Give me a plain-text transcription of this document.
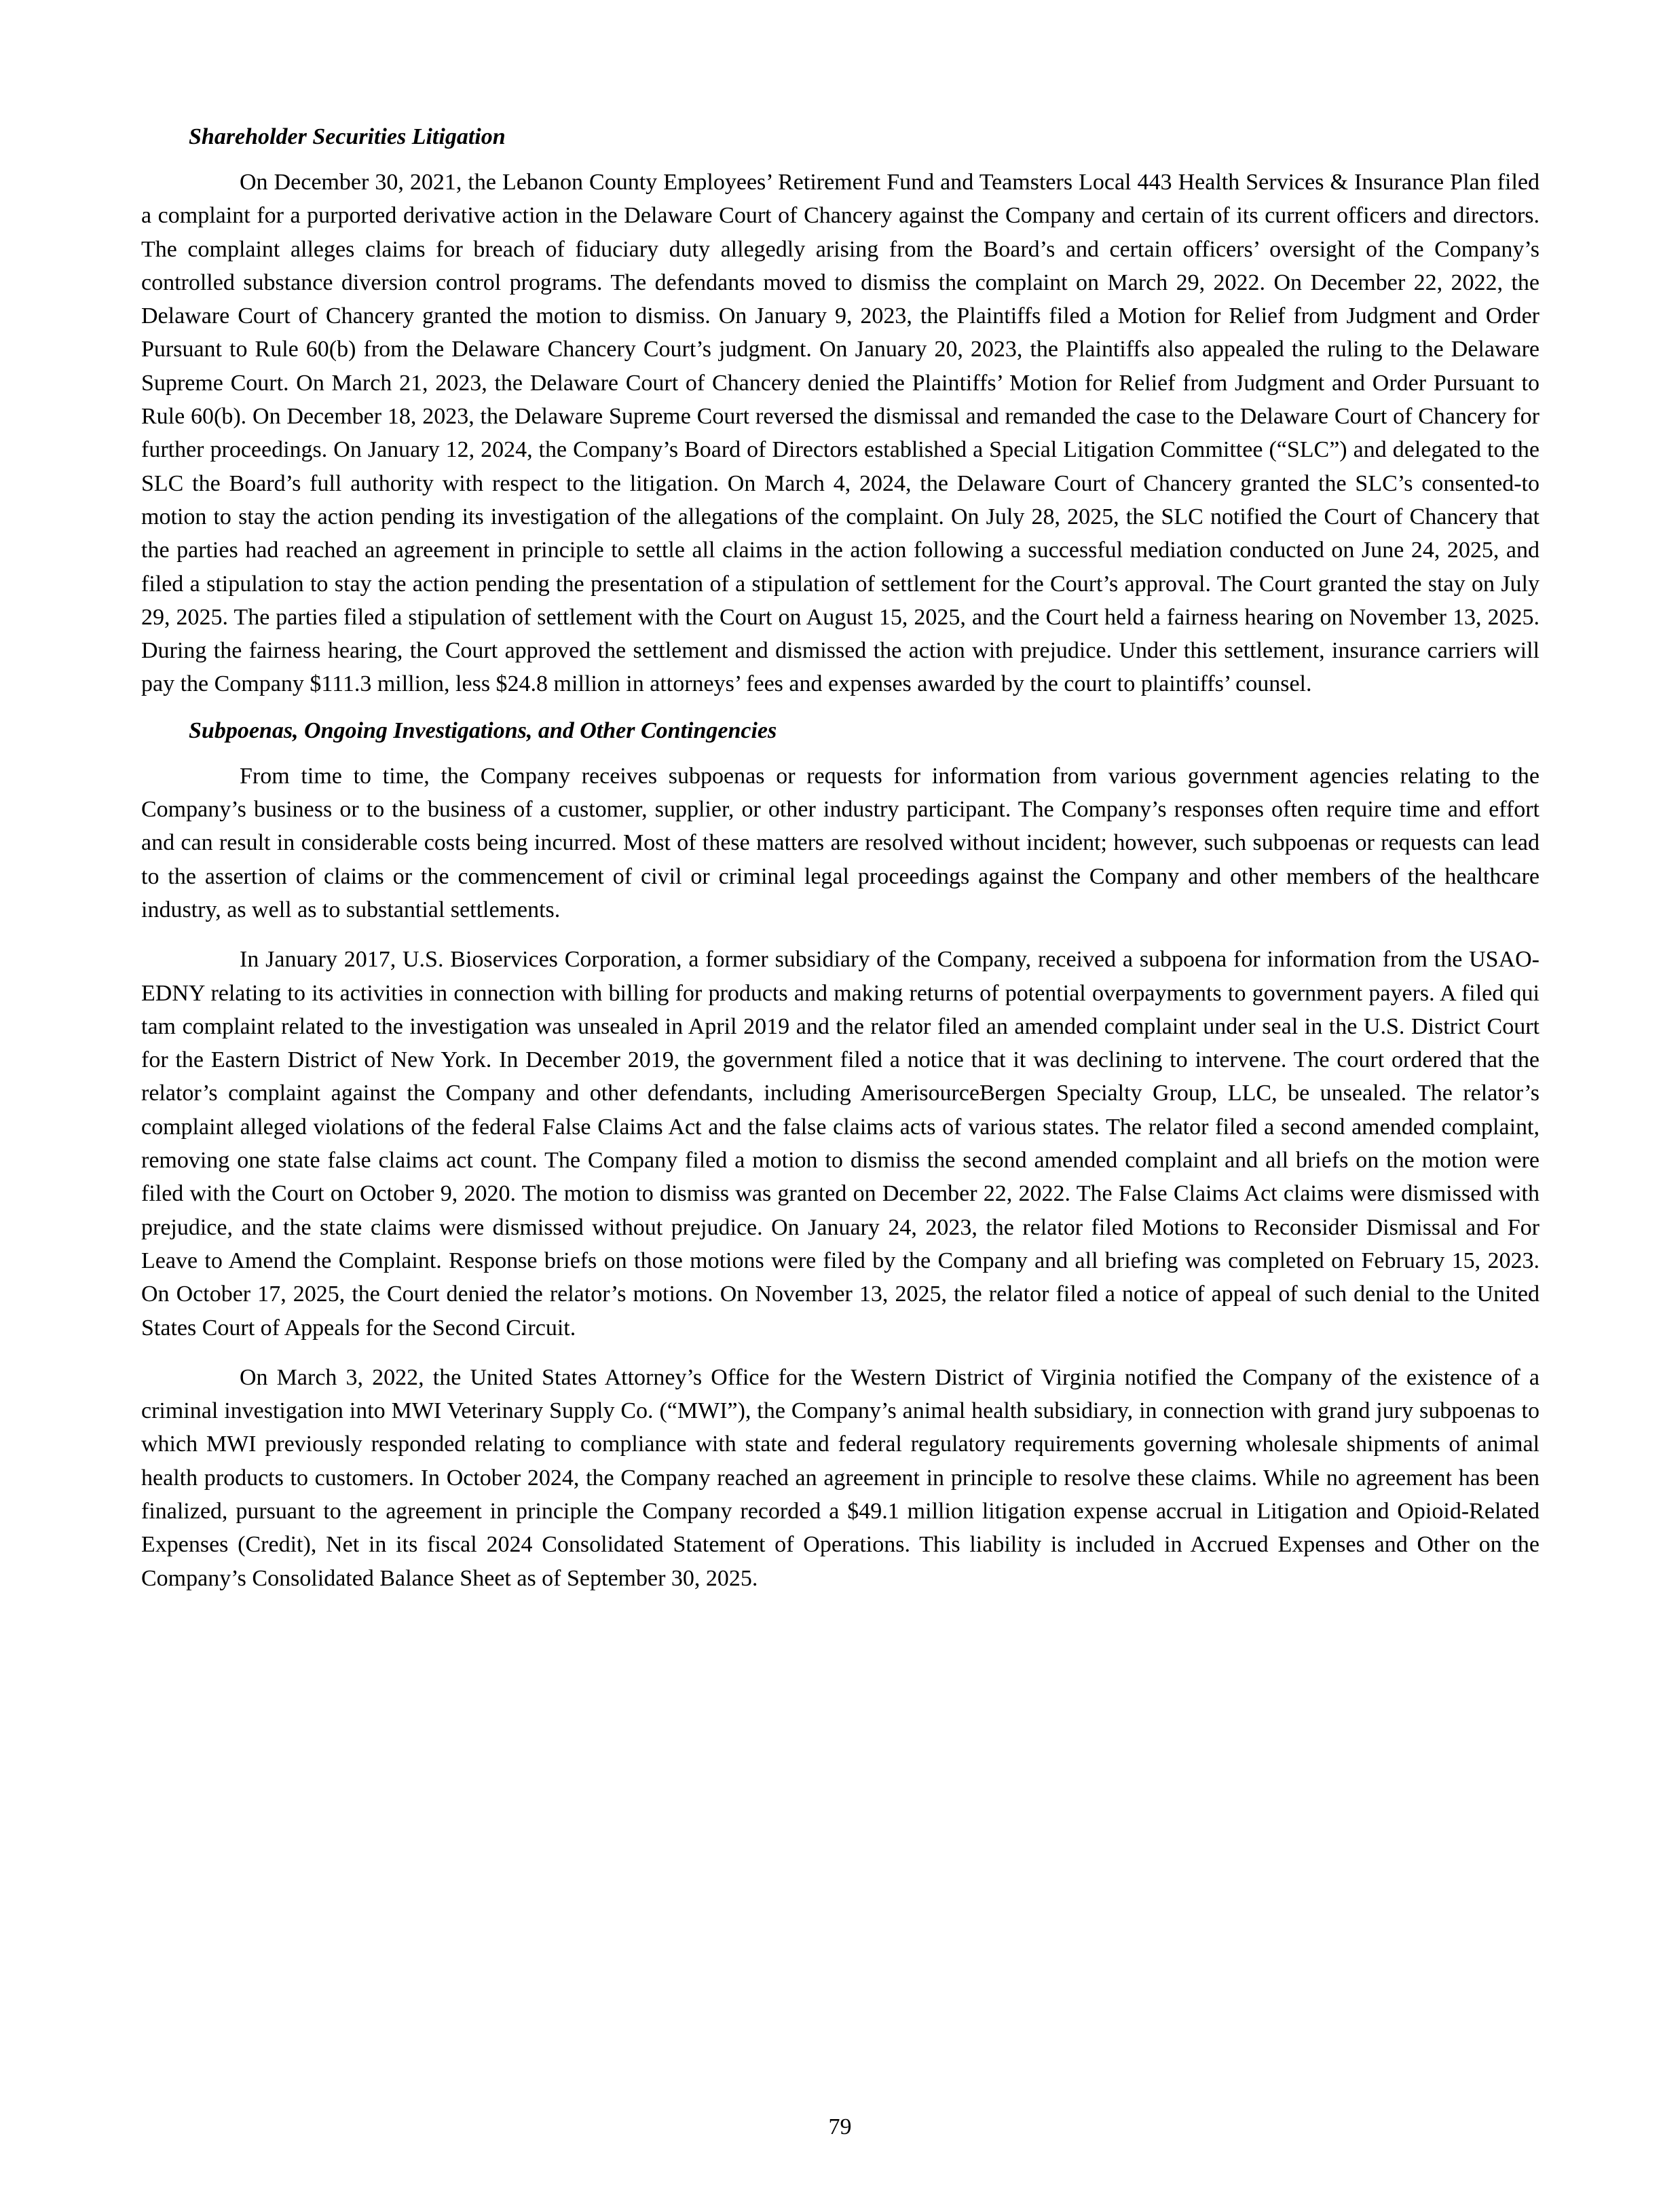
Shareholder Securities Litigation

On December 30, 2021, the Lebanon County Employees’ Retirement Fund and Teamsters Local 443 Health Services & Insurance Plan filed a complaint for a purported derivative action in the Delaware Court of Chancery against the Company and certain of its current officers and directors. The complaint alleges claims for breach of fiduciary duty allegedly arising from the Board’s and certain officers’ oversight of the Company’s controlled substance diversion control programs. The defendants moved to dismiss the complaint on March 29, 2022. On December 22, 2022, the Delaware Court of Chancery granted the motion to dismiss. On January 9, 2023, the Plaintiffs filed a Motion for Relief from Judgment and Order Pursuant to Rule 60(b) from the Delaware Chancery Court’s judgment. On January 20, 2023, the Plaintiffs also appealed the ruling to the Delaware Supreme Court. On March 21, 2023, the Delaware Court of Chancery denied the Plaintiffs’ Motion for Relief from Judgment and Order Pursuant to Rule 60(b). On December 18, 2023, the Delaware Supreme Court reversed the dismissal and remanded the case to the Delaware Court of Chancery for further proceedings. On January 12, 2024, the Company’s Board of Directors established a Special Litigation Committee (“SLC”) and delegated to the SLC the Board’s full authority with respect to the litigation. On March 4, 2024, the Delaware Court of Chancery granted the SLC’s consented-to motion to stay the action pending its investigation of the allegations of the complaint. On July 28, 2025, the SLC notified the Court of Chancery that the parties had reached an agreement in principle to settle all claims in the action following a successful mediation conducted on June 24, 2025, and filed a stipulation to stay the action pending the presentation of a stipulation of settlement for the Court’s approval. The Court granted the stay on July 29, 2025. The parties filed a stipulation of settlement with the Court on August 15, 2025, and the Court held a fairness hearing on November 13, 2025. During the fairness hearing, the Court approved the settlement and dismissed the action with prejudice. Under this settlement, insurance carriers will pay the Company $111.3 million, less $24.8 million in attorneys’ fees and expenses awarded by the court to plaintiffs’ counsel.

Subpoenas, Ongoing Investigations, and Other Contingencies

From time to time, the Company receives subpoenas or requests for information from various government agencies relating to the Company’s business or to the business of a customer, supplier, or other industry participant. The Company’s responses often require time and effort and can result in considerable costs being incurred. Most of these matters are resolved without incident; however, such subpoenas or requests can lead to the assertion of claims or the commencement of civil or criminal legal proceedings against the Company and other members of the healthcare industry, as well as to substantial settlements.

In January 2017, U.S. Bioservices Corporation, a former subsidiary of the Company, received a subpoena for information from the USAO-EDNY relating to its activities in connection with billing for products and making returns of potential overpayments to government payers. A filed qui tam complaint related to the investigation was unsealed in April 2019 and the relator filed an amended complaint under seal in the U.S. District Court for the Eastern District of New York. In December 2019, the government filed a notice that it was declining to intervene. The court ordered that the relator’s complaint against the Company and other defendants, including AmerisourceBergen Specialty Group, LLC, be unsealed. The relator’s complaint alleged violations of the federal False Claims Act and the false claims acts of various states. The relator filed a second amended complaint, removing one state false claims act count. The Company filed a motion to dismiss the second amended complaint and all briefs on the motion were filed with the Court on October 9, 2020. The motion to dismiss was granted on December 22, 2022. The False Claims Act claims were dismissed with prejudice, and the state claims were dismissed without prejudice. On January 24, 2023, the relator filed Motions to Reconsider Dismissal and For Leave to Amend the Complaint. Response briefs on those motions were filed by the Company and all briefing was completed on February 15, 2023. On October 17, 2025, the Court denied the relator’s motions. On November 13, 2025, the relator filed a notice of appeal of such denial to the United States Court of Appeals for the Second Circuit.

On March 3, 2022, the United States Attorney’s Office for the Western District of Virginia notified the Company of the existence of a criminal investigation into MWI Veterinary Supply Co. (“MWI”), the Company’s animal health subsidiary, in connection with grand jury subpoenas to which MWI previously responded relating to compliance with state and federal regulatory requirements governing wholesale shipments of animal health products to customers. In October 2024, the Company reached an agreement in principle to resolve these claims. While no agreement has been finalized, pursuant to the agreement in principle the Company recorded a $49.1 million litigation expense accrual in Litigation and Opioid-Related Expenses (Credit), Net in its fiscal 2024 Consolidated Statement of Operations. This liability is included in Accrued Expenses and Other on the Company’s Consolidated Balance Sheet as of September 30, 2025.

79
